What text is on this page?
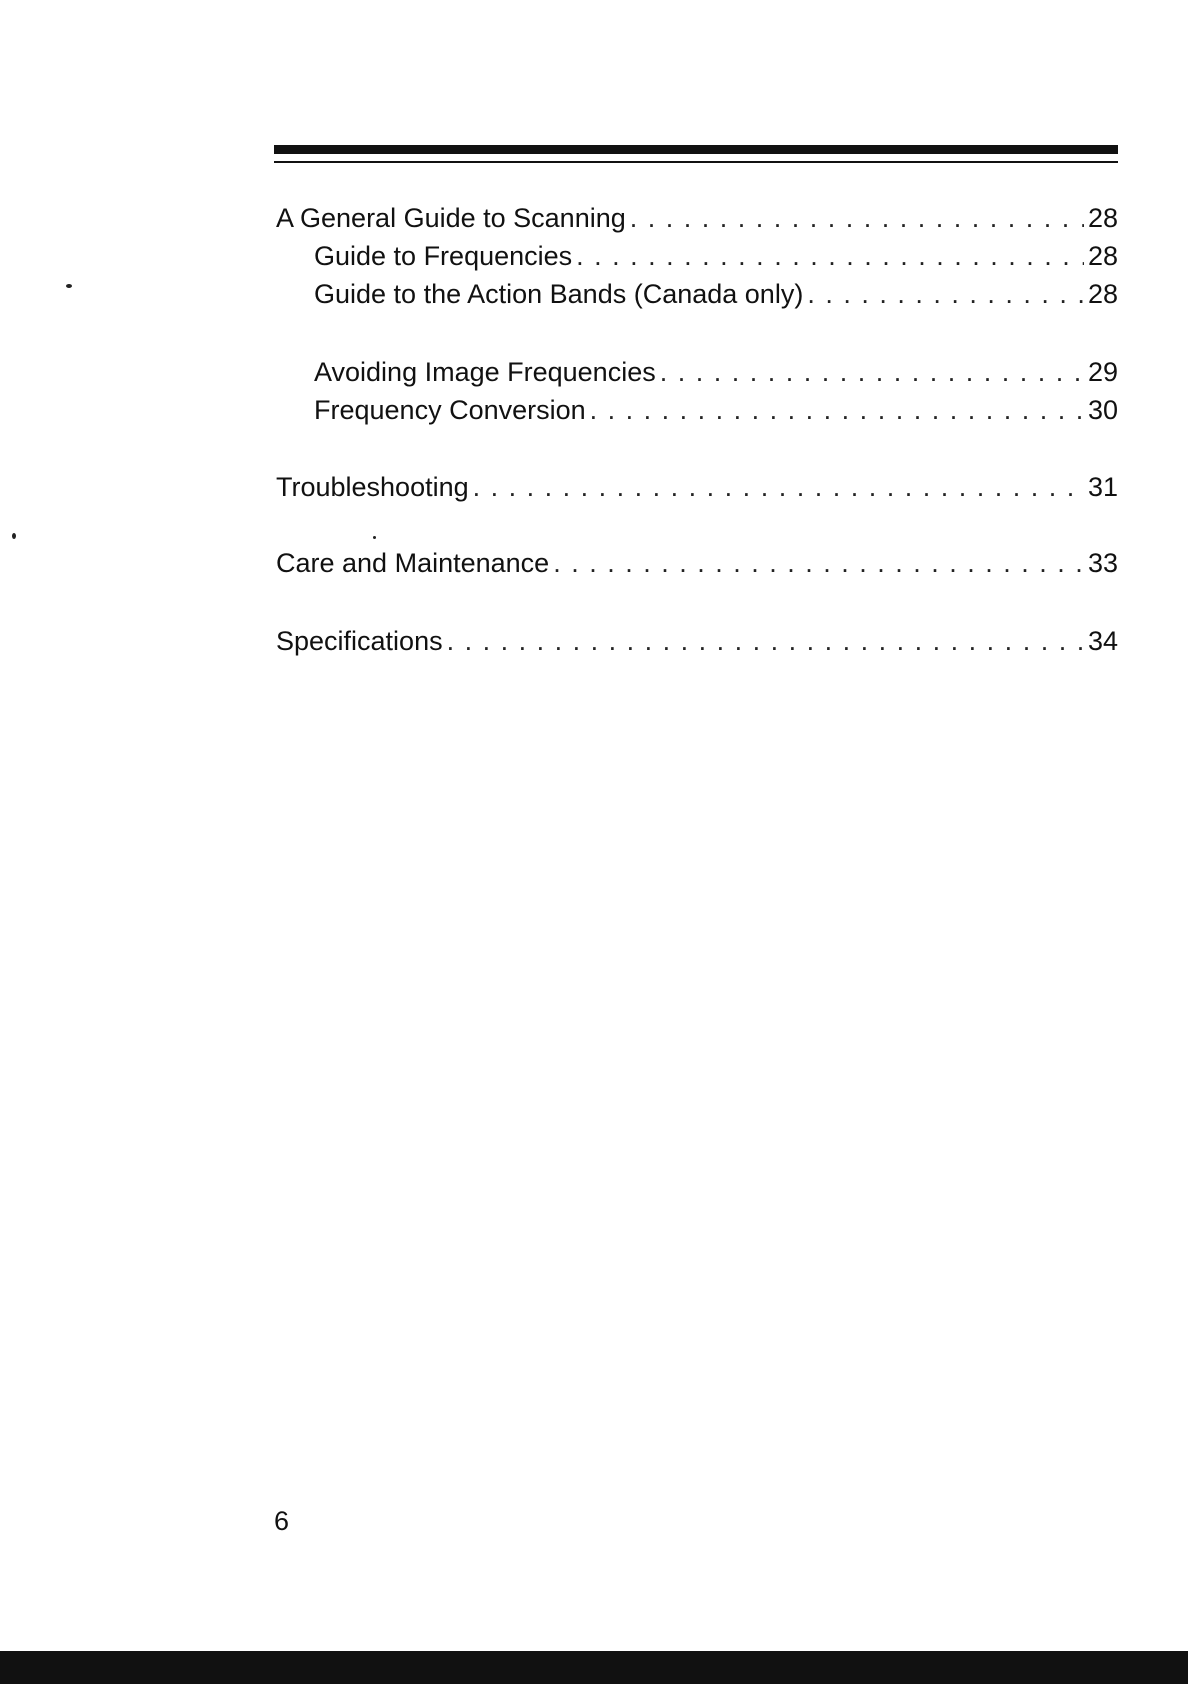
A General Guide to Scanning . . .	28
Guide to Frequencies . . .	28
Guide to the Action Bands (Canada only) . . .	28
Avoiding Image Frequencies . . .	29
Frequency Conversion . . .	30
Troubleshooting . . .	31
Care and Maintenance . . .	33
Specifications . . .	34
6
